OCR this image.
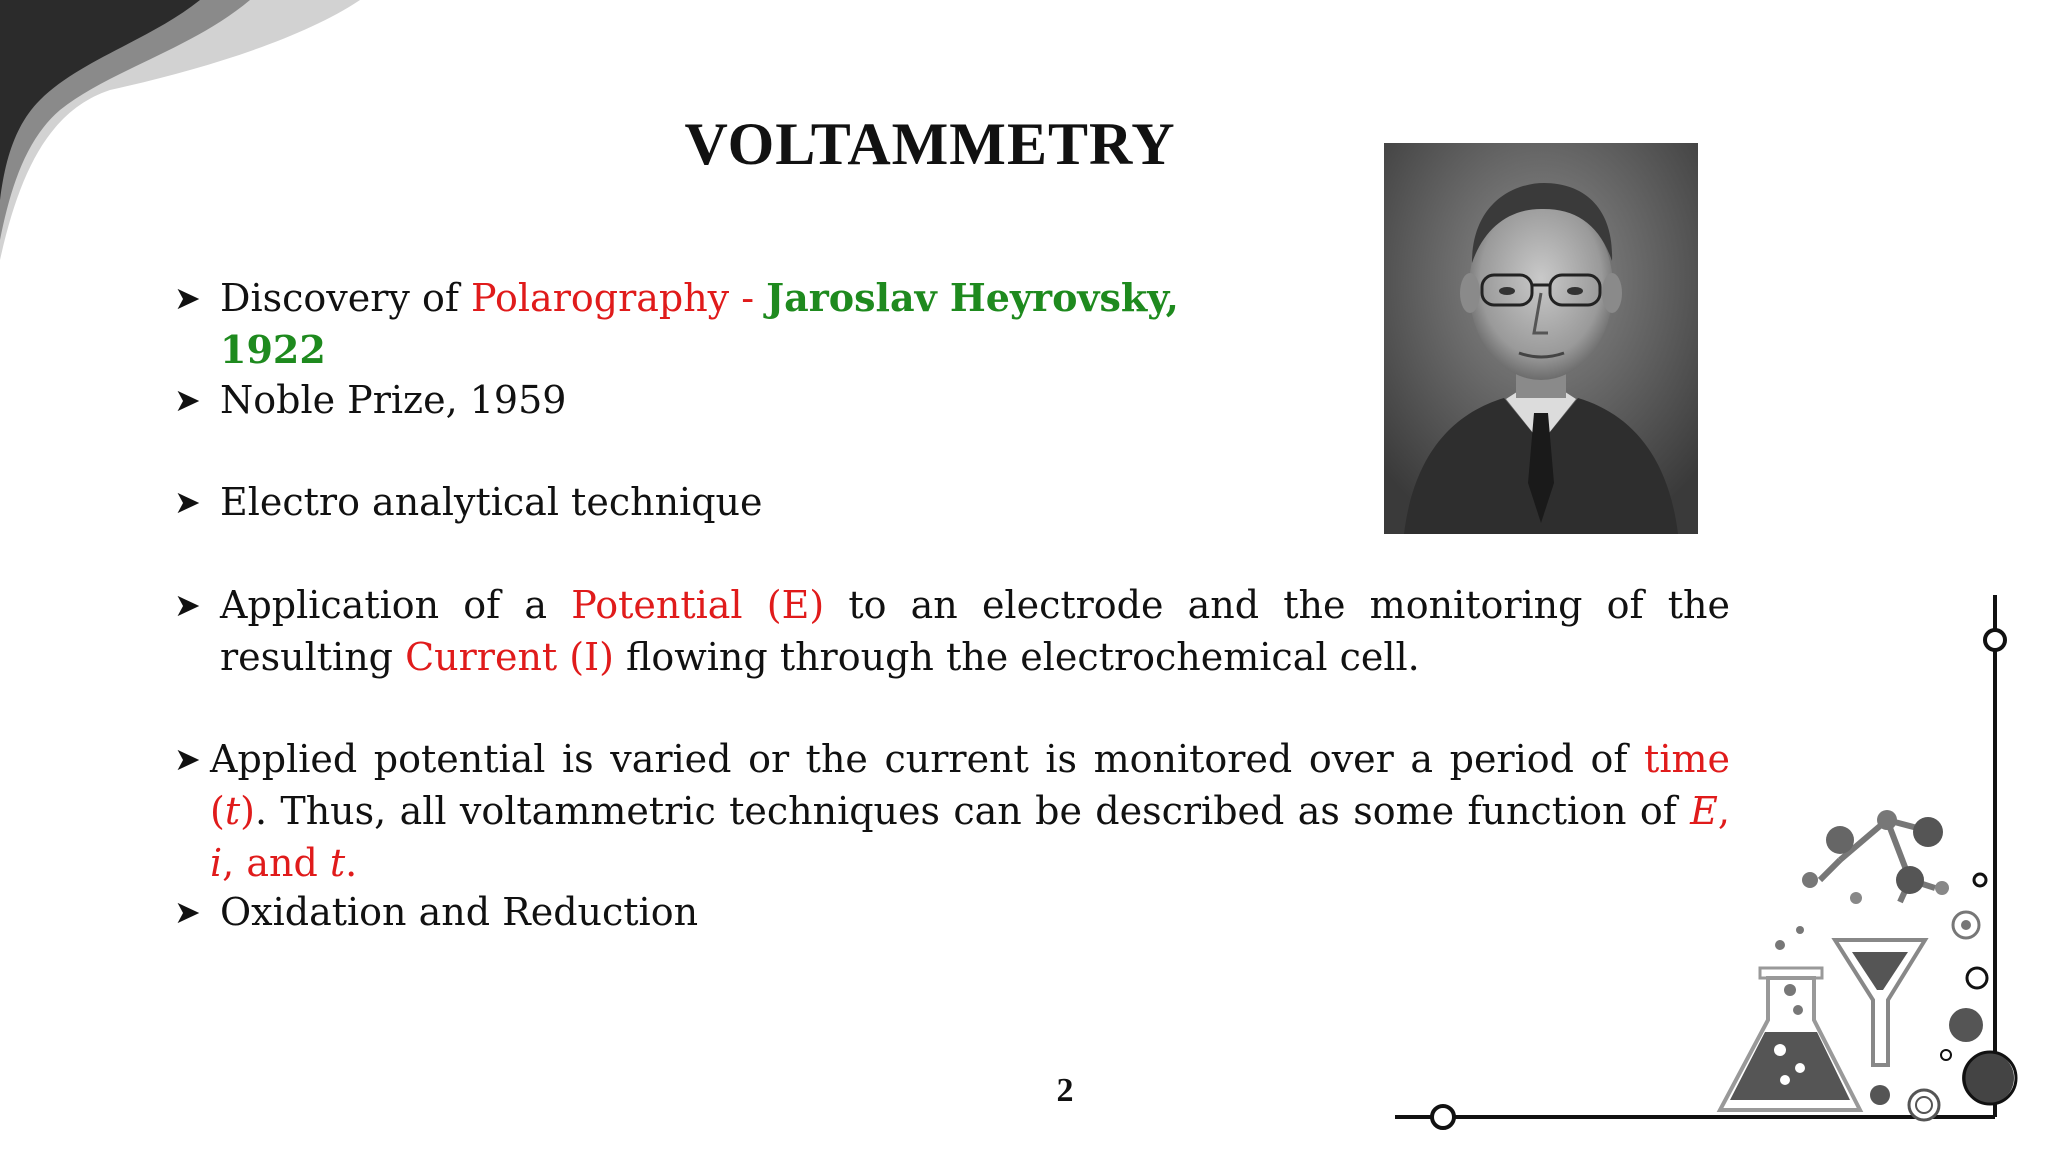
VOLTAMMETRY
➤ Discovery of Polarography - Jaroslav Heyrovsky, 1922
➤ Noble Prize, 1959
➤ Electro analytical technique
➤ Application of a Potential (E) to an electrode and the monitoring of the resulting Current (I) flowing through the electrochemical cell.
➤ Applied potential is varied or the current is monitored over a period of time (t). Thus, all voltammetric techniques can be described as some function of E, i, and t.
➤ Oxidation and Reduction
2
